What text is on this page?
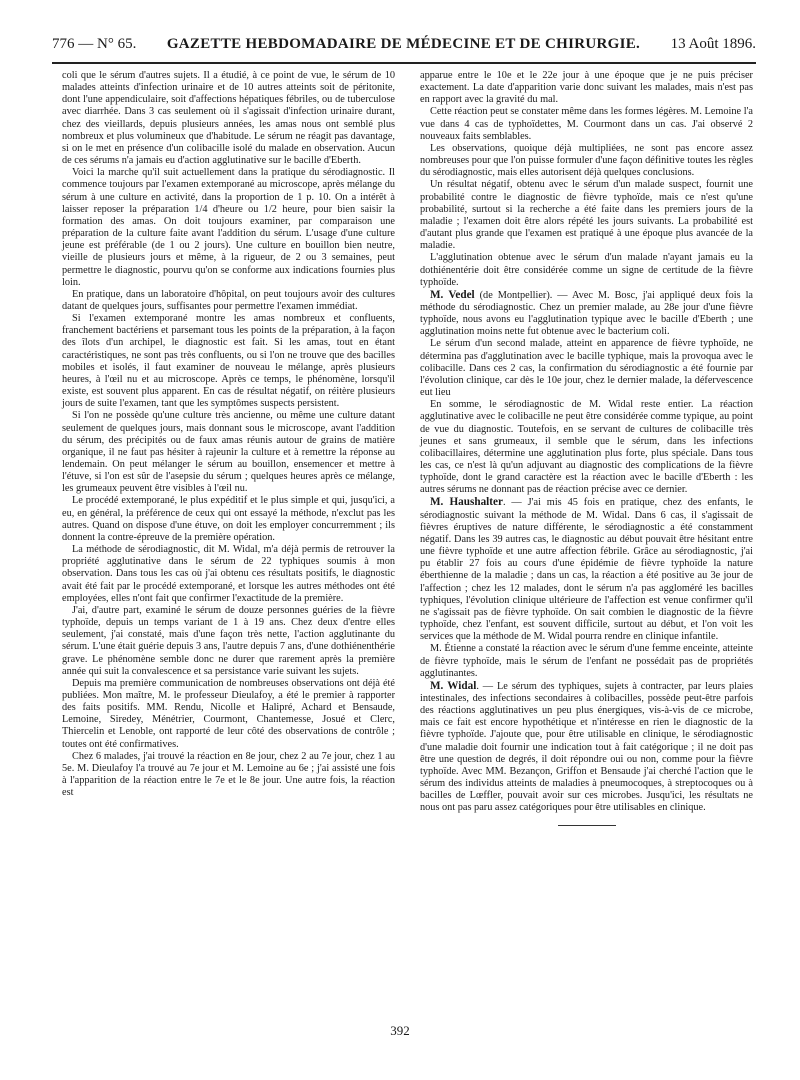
776 — N° 65. GAZETTE HEBDOMADAIRE DE MÉDECINE ET DE CHIRURGIE. 13 Août 1896.

coli que le sérum d'autres sujets. Il a étudié, à ce point de vue, le sérum de 10 malades atteints d'infection urinaire et de 10 autres atteints soit de péritonite, dont l'une appendiculaire, soit d'affections hépatiques fébriles, ou de tuberculose avec diarrhée. Dans 3 cas seulement où il s'agissait d'infection urinaire durant, chez des vieillards, depuis plusieurs années, les amas nous ont semblé plus nombreux et plus volumineux que d'habitude. Le sérum ne réagit pas davantage, si on le met en présence d'un colibacille isolé du malade en observation. Aucun de ces sérums n'a jamais eu d'action agglutinative sur le bacille d'Eberth.

Voici la marche qu'il suit actuellement dans la pratique du sérodiagnostic. Il commence toujours par l'examen extemporané au microscope, après mélange du sérum à une culture en activité, dans la proportion de 1 p. 10. On a intérêt à laisser reposer la préparation 1/4 d'heure ou 1/2 heure, pour bien saisir la formation des amas. On doit toujours examiner, par comparaison une préparation de la culture faite avant l'addition du sérum. L'usage d'une culture jeune est préférable (de 1 ou 2 jours). Une culture en bouillon bien neutre, vieille de plusieurs jours et même, à la rigueur, de 2 ou 3 semaines, peut permettre le diagnostic, pourvu qu'on se conforme aux indications fournies plus loin.

En pratique, dans un laboratoire d'hôpital, on peut toujours avoir des cultures datant de quelques jours, suffisantes pour permettre l'examen immédiat.

Si l'examen extemporané montre les amas nombreux et confluents, franchement bactériens et parsemant tous les points de la préparation, à la façon des îlots d'un archipel, le diagnostic est fait. Si les amas, tout en étant caractéristiques, ne sont pas très confluents, ou si l'on ne trouve que des bacilles mobiles et isolés, il faut examiner de nouveau le mélange, après plusieurs heures, à l'œil nu et au microscope. Après ce temps, le phénomène, lorsqu'il existe, est souvent plus apparent. En cas de résultat négatif, on réitère plusieurs jours de suite l'examen, tant que les symptômes suspects persistent.

Si l'on ne possède qu'une culture très ancienne, ou même une culture datant seulement de quelques jours, mais donnant sous le microscope, avant l'addition du sérum, des précipités ou de faux amas réunis autour de grains de matière organique, il ne faut pas hésiter à rajeunir la culture et à remettre la réponse au lendemain. On peut mélanger le sérum au bouillon, ensemencer et mettre à l'étuve, si l'on est sûr de l'asepsie du sérum ; quelques heures après ce mélange, les grumeaux peuvent être visibles à l'œil nu.

Le procédé extemporané, le plus expéditif et le plus simple et qui, jusqu'ici, a eu, en général, la préférence de ceux qui ont essayé la méthode, n'exclut pas les autres. Quand on dispose d'une étuve, on doit les employer concurremment ; ils donnent la contre-épreuve de la première opération.

La méthode de sérodiagnostic, dit M. Widal, m'a déjà permis de retrouver la propriété agglutinative dans le sérum de 22 typhiques soumis à mon observation. Dans tous les cas où j'ai obtenu ces résultats positifs, le diagnostic avait été fait par le procédé extemporané, et lorsque les autres méthodes ont été employées, elles n'ont fait que confirmer l'exactitude de la première.

J'ai, d'autre part, examiné le sérum de douze personnes guéries de la fièvre typhoïde, depuis un temps variant de 1 à 19 ans. Chez deux d'entre elles seulement, j'ai constaté, mais d'une façon très nette, l'action agglutinante du sérum. L'une était guérie depuis 3 ans, l'autre depuis 7 ans, d'une dothiénenthérie grave. Le phénomène semble donc ne durer que rarement après la première année qui suit la convalescence et sa persistance varie suivant les sujets.

Depuis ma première communication de nombreuses observations ont déjà été publiées. Mon maître, M. le professeur Dieulafoy, a été le premier à rapporter des faits positifs. MM. Rendu, Nicolle et Halipré, Achard et Bensaude, Lemoine, Siredey, Ménétrier, Courmont, Chantemesse, Josué et Clerc, Thiercelin et Lenoble, ont rapporté de leur côté des observations de contrôle ; toutes ont été confirmatives.

Chez 6 malades, j'ai trouvé la réaction en 8e jour, chez 2 au 7e jour, chez 1 au 5e. M. Dieulafoy l'a trouvé au 7e jour et M. Lemoine au 6e ; j'ai assisté une fois à l'apparition de la réaction entre le 7e et le 8e jour. Une autre fois, la réaction est

apparue entre le 10e et le 22e jour à une époque que je ne puis préciser exactement. La date d'apparition varie donc suivant les malades, mais n'est pas en rapport avec la gravité du mal.

Cette réaction peut se constater même dans les formes légères. M. Lemoine l'a vue dans 4 cas de typhoïdettes, M. Courmont dans un cas. J'ai observé 2 nouveaux faits semblables.

Les observations, quoique déjà multipliées, ne sont pas encore assez nombreuses pour que l'on puisse formuler d'une façon définitive toutes les règles du sérodiagnostic, mais elles autorisent déjà quelques conclusions.

Un résultat négatif, obtenu avec le sérum d'un malade suspect, fournit une probabilité contre le diagnostic de fièvre typhoïde, mais ce n'est qu'une probabilité, surtout si la recherche a été faite dans les premiers jours de la maladie ; l'examen doit être alors répété les jours suivants. La probabilité est d'autant plus grande que l'examen est pratiqué à une époque plus avancée de la maladie.

L'agglutination obtenue avec le sérum d'un malade n'ayant jamais eu la dothiénentérie doit être considérée comme un signe de certitude de la fièvre typhoïde.

M. Vedel (de Montpellier). — Avec M. Bosc, j'ai appliqué deux fois la méthode du sérodiagnostic. Chez un premier malade, au 28e jour d'une fièvre typhoïde, nous avons eu l'agglutination typique avec le bacille d'Eberth ; une agglutination moins nette fut obtenue avec le bacterium coli.

Le sérum d'un second malade, atteint en apparence de fièvre typhoïde, ne détermina pas d'agglutination avec le bacille typhique, mais la provoqua avec le colibacille. Dans ces 2 cas, la confirmation du sérodiagnostic a été fournie par l'évolution clinique, car dès le 10e jour, chez le dernier malade, la défervescence eut lieu

En somme, le sérodiagnostic de M. Widal reste entier. La réaction agglutinative avec le colibacille ne peut être considérée comme typique, au point de vue du diagnostic. Toutefois, en se servant de cultures de colibacille très jeunes et sans grumeaux, il semble que le sérum, dans les infections colibacillaires, détermine une agglutination plus forte, plus spéciale. Dans tous les cas, ce n'est là qu'un adjuvant au diagnostic des complications de la fièvre typhoïde, dont le grand caractère est la réaction avec le bacille d'Eberth : les autres sérums ne donnant pas de réaction précise avec ce dernier.

M. Haushalter. — J'ai mis 45 fois en pratique, chez des enfants, le sérodiagnostic suivant la méthode de M. Widal. Dans 6 cas, il s'agissait de fièvres éruptives de nature différente, le sérodiagnostic a été constamment négatif. Dans les 39 autres cas, le diagnostic au début pouvait être hésitant entre une fièvre typhoïde et une autre affection fébrile. Grâce au sérodiagnostic, j'ai pu établir 27 fois au cours d'une épidémie de fièvre typhoïde la nature éberthienne de la maladie ; dans un cas, la réaction a été positive au 3e jour de l'affection ; chez les 12 malades, dont le sérum n'a pas aggloméré les bacilles typhiques, l'évolution clinique ultérieure de l'affection est venue confirmer qu'il ne s'agissait pas de fièvre typhoïde. On sait combien le diagnostic de la fièvre typhoïde, chez l'enfant, est souvent difficile, surtout au début, et l'on voit les services que la méthode de M. Widal pourra rendre en clinique infantile.

M. Étienne a constaté la réaction avec le sérum d'une femme enceinte, atteinte de fièvre typhoïde, mais le sérum de l'enfant ne possédait pas de propriétés agglutinantes.

M. Widal. — Le sérum des typhiques, sujets à contracter, par leurs plaies intestinales, des infections secondaires à colibacilles, possède peut-être parfois des réactions agglutinatives un peu plus énergiques, vis-à-vis de ce microbe, mais ce fait est encore hypothétique et n'intéresse en rien le diagnostic de la fièvre typhoïde. J'ajoute que, pour être utilisable en clinique, le sérodiagnostic d'une maladie doit fournir une indication tout à fait catégorique ; il ne doit pas être une question de degrés, il doit répondre oui ou non, comme pour la fièvre typhoïde. Avec MM. Bezançon, Griffon et Bensaude j'ai cherché l'action que le sérum des individus atteints de maladies à pneumocoques, à streptocoques ou à bacilles de Lœffler, pouvait avoir sur ces microbes. Jusqu'ici, les résultats ne nous ont pas paru assez catégoriques pour être utilisables en clinique.

392
